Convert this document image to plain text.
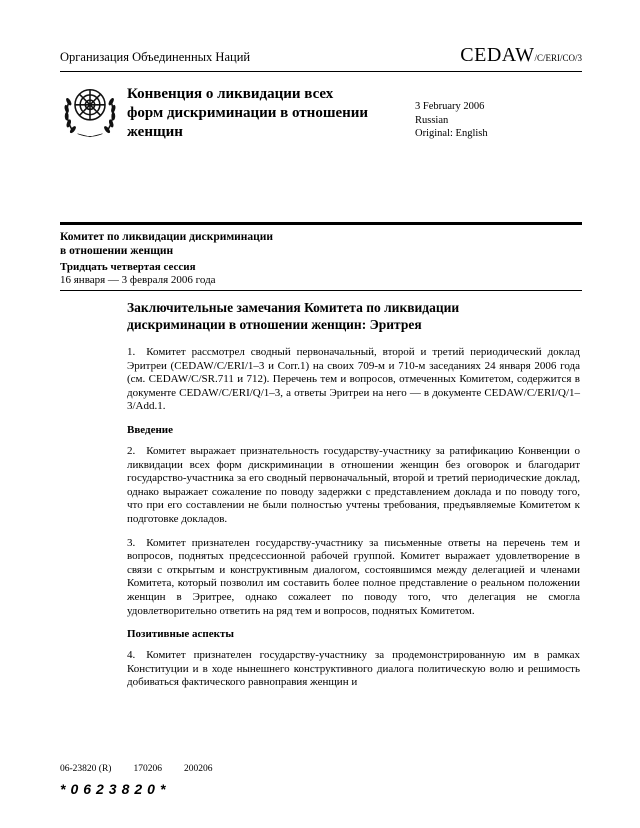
Организация Объединенных Наций	CEDAW/C/ERI/CO/3
Конвенция о ликвидации всех форм дискриминации в отношении женщин
3 February 2006
Russian
Original: English
Комитет по ликвидации дискриминации
в отношении женщин
Тридцать четвертая сессия
16 января — 3 февраля 2006 года
Заключительные замечания Комитета по ликвидации дискриминации в отношении женщин: Эритрея

1. Комитет рассмотрел сводный первоначальный, второй и третий периодический доклад Эритреи (CEDAW/C/ERI/1–3 и Corr.1) на своих 709-м и 710-м заседаниях 24 января 2006 года (см. CEDAW/C/SR.711 и 712). Перечень тем и вопросов, отмеченных Комитетом, содержится в документе CEDAW/C/ERI/Q/1–3, а ответы Эритреи на него — в документе CEDAW/C/ERI/Q/1–3/Add.1.

Введение

2. Комитет выражает признательность государству-участнику за ратификацию Конвенции о ликвидации всех форм дискриминации в отношении женщин без оговорок и благодарит государство-участника за его сводный первоначальный, второй и третий периодические доклад, однако выражает сожаление по поводу задержки с представлением доклада и по поводу того, что при его составлении не были полностью учтены требования, предъявляемые Комитетом к подготовке докладов.

3. Комитет признателен государству-участнику за письменные ответы на перечень тем и вопросов, поднятых предсессионной рабочей группой. Комитет выражает удовлетворение в связи с открытым и конструктивным диалогом, состоявшимся между делегацией и членами Комитета, который позволил им составить более полное представление о реальном положении женщин в Эритрее, однако сожалеет по поводу того, что делегация не смогла удовлетворительно ответить на ряд тем и вопросов, поднятых Комитетом.

Позитивные аспекты

4. Комитет признателен государству-участнику за продемонстрированную им в рамках Конституции и в ходе нынешнего конструктивного диалога политическую волю и решимость добиваться фактического равноправия женщин и

06-23820 (R) 170206 200206
*0623820*
